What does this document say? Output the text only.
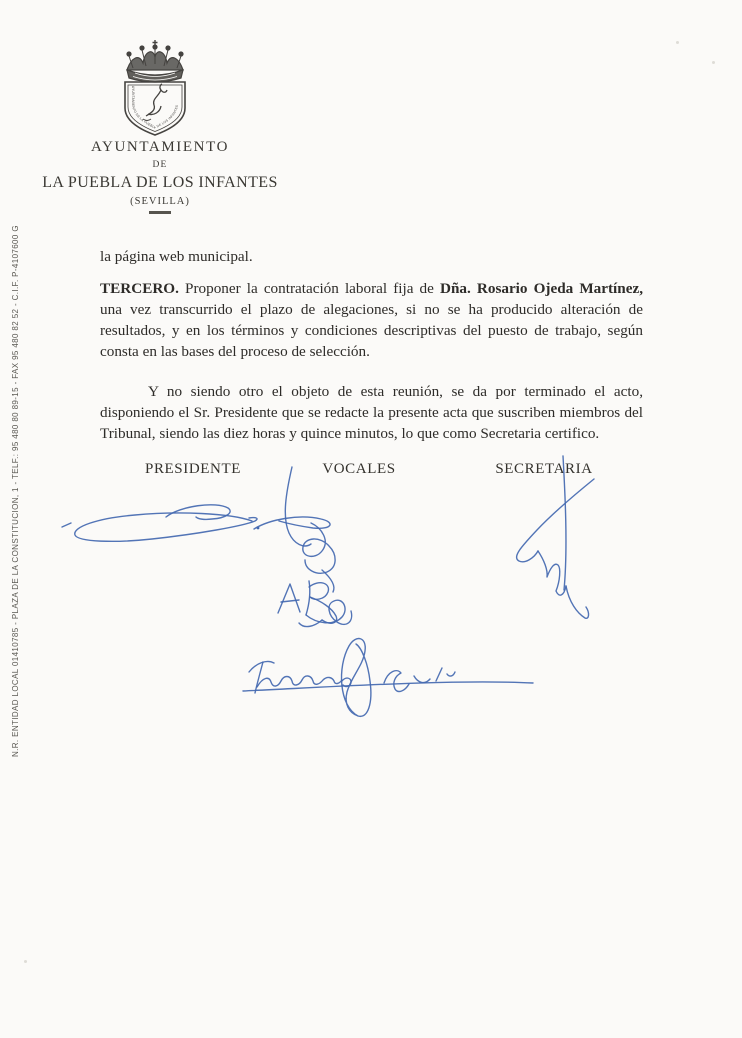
N.R. ENTIDAD LOCAL 01410785 - PLAZA DE LA CONSTITUCION, 1 - TELF.: 95 480 80 89-15 - FAX 95 480 82 52 - C.I.F. P-4107600 G
AYUNTAMIENTO DE LA PUEBLA DE LOS INFANTES
AYUNTAMIENTO
DE
LA PUEBLA DE LOS INFANTES
(SEVILLA)

la página web municipal.

TERCERO. Proponer la contratación laboral fija de Dña. Rosario Ojeda Martínez, una vez transcurrido el plazo de alegaciones, si no se ha producido alteración de resultados, y en los términos y condiciones descriptivas del puesto de trabajo, según consta en las bases del proceso de selección.

Y no siendo otro el objeto de esta reunión, se da por terminado el acto, disponiendo el Sr. Presidente que se redacte la presente acta que suscriben miembros del Tribunal, siendo las diez horas y quince minutos, lo que como Secretaria certifico.

PRESIDENTE	VOCALES	SECRETARIA
